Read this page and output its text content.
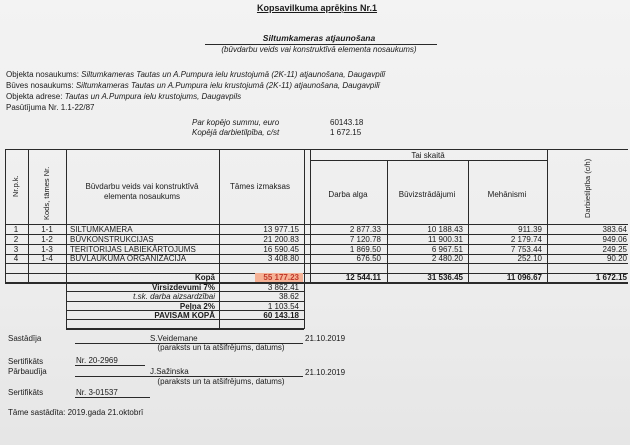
Kopsavilkuma aprēķins Nr.1
Siltumkameras atjaunošana
(būvdarbu veids vai konstruktīvā elementa nosaukums)
Objekta nosaukums: Siltumkameras Tautas un A.Pumpura ielu krustojumā (2K-11) atjaunošana, Daugavpilī
Būves nosaukums: Siltumkameras Tautas un A.Pumpura ielu krustojumā (2K-11) atjaunošana, Daugavpilī
Objekta adrese: Tautas un A.Pumpura ielu krustojums, Daugavpils
Pasūtījuma Nr. 1.1-22/87
Par kopējo summu, euro	60143.18
Kopējā darbietilpība, c/st	1 672.15
Nr.p.k.	Kods, tāmes Nr.	Būvdarbu veids vai konstruktīvā elementa nosaukums
Tāmes izmaksas
Tai skaitā
Darba alga	Būvizstrādājumi	Mehānismi	Darbietilpība (c/h)
1	1-1 SILTUMKAMERA	13 977.15	2 877.33	10 188.43	911.39	383.64
2	1-2 BŪVKONSTRUKCIJAS	21 200.83	7 120.78	11 900.31	2 179.74	949.06
3	1-3 TERITORIJAS LABIEKĀRTOJUMS	16 590.45	1 869.50	6 967.51	7 753.44	249.25
4	1-4 BŪVLAUKUMA ORGANIZĀCIJA	3 408.80	676.50	2 480.20	252.10	90.20
Kopā	55 177.23	12 544.11	31 536.45	11 096.67	1 672.15
Virsizdevumi 7%	3 862.41
t.sk. darba aizsardzībai	38.62
Peļņa 2%	1 103.54
PAVISAM KOPĀ	60 143.18
Sastādīja	S.Veidemane	21.10.2019
(paraksts un ta atšifrējums, datums)
Sertifikāts	Nr. 20-2969
Pārbaudīja	J.Sažinska	21.10.2019
(paraksts un ta atšifrējums, datums)
Sertifikāts	Nr. 3-01537
Tāme sastādīta: 2019.gada 21.oktobrī
